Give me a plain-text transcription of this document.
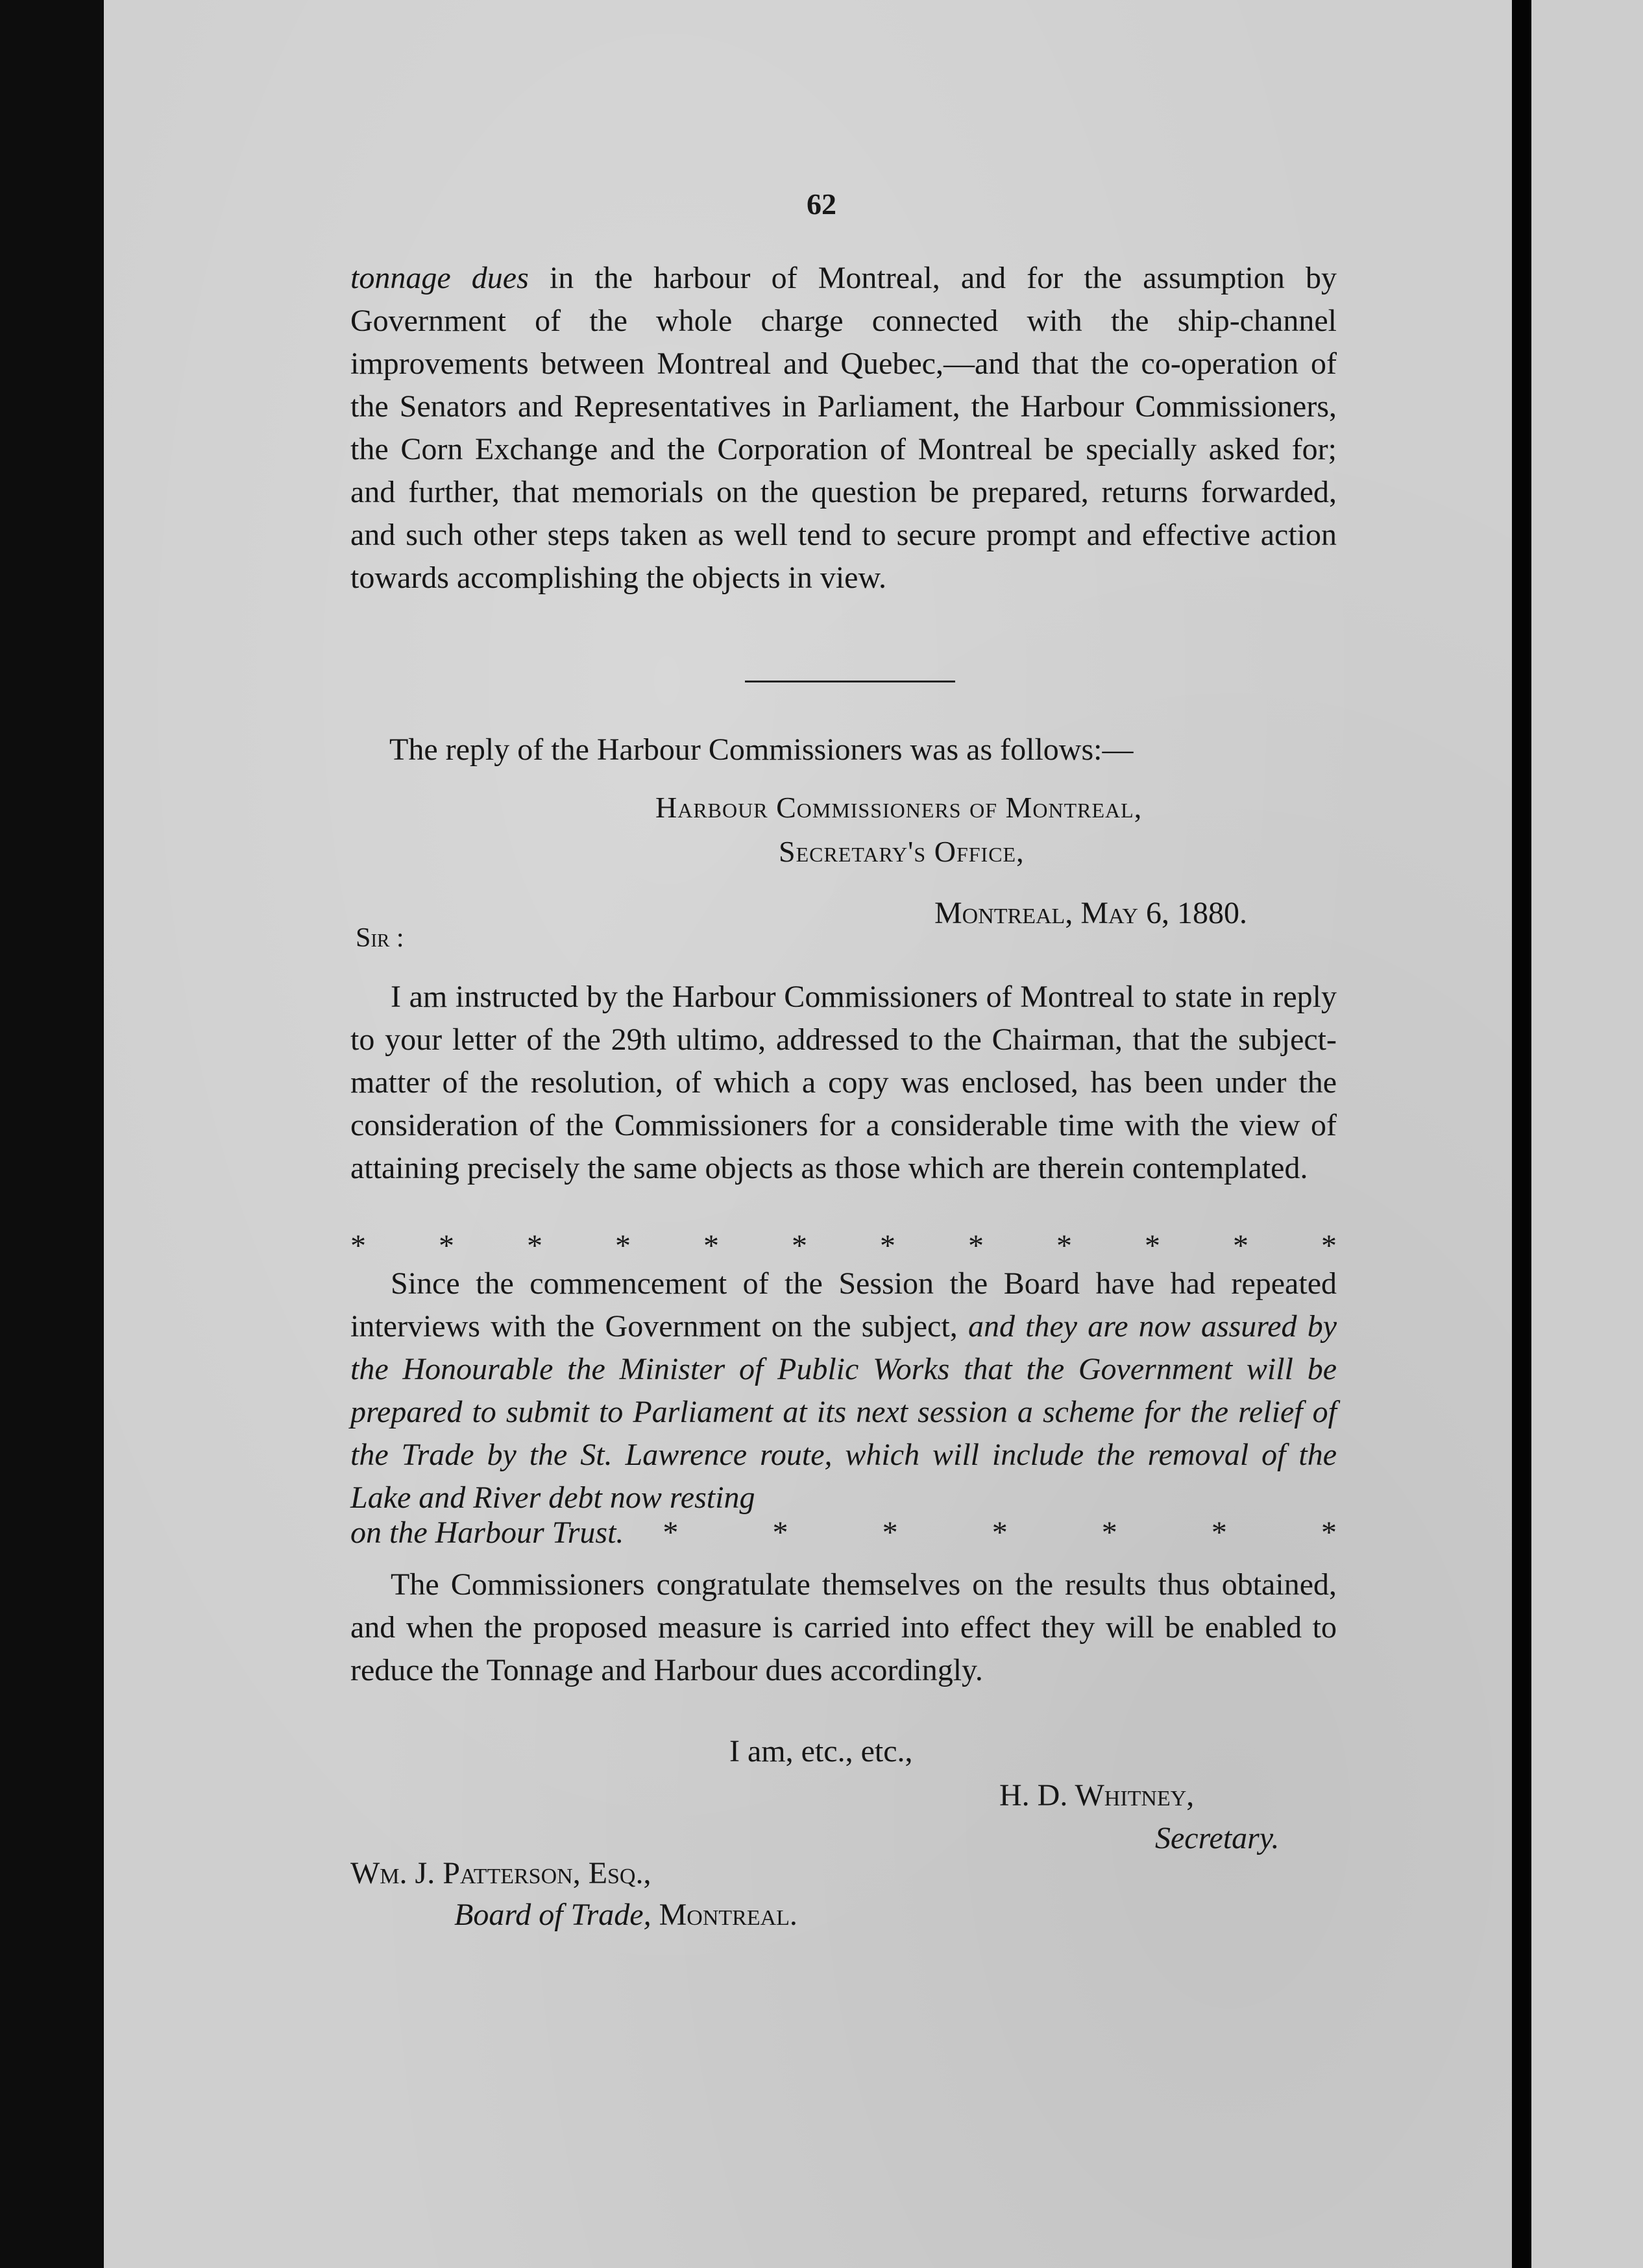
62
tonnage dues in the harbour of Montreal, and for the assumption by Government of the whole charge connected with the ship-channel improvements between Montreal and Quebec,—and that the co-operation of the Senators and Representatives in Parliament, the Harbour Commissioners, the Corn Exchange and the Corporation of Montreal be specially asked for; and further, that memorials on the question be prepared, returns forwarded, and such other steps taken as well tend to secure prompt and effective action towards accomplishing the objects in view.
The reply of the Harbour Commissioners was as follows:—
Harbour Commissioners of Montreal,
Secretary's Office,
Montreal, May 6, 1880.
Sir :
I am instructed by the Harbour Commissioners of Montreal to state in reply to your letter of the 29th ultimo, addressed to the Chairman, that the subject-matter of the resolution, of which a copy was enclosed, has been under the consideration of the Commissioners for a considerable time with the view of attaining precisely the same objects as those which are therein contemplated.
* * * * * * * * * * * *
Since the commencement of the Session the Board have had repeated interviews with the Government on the subject, and they are now assured by the Honourable the Minister of Public Works that the Government will be prepared to submit to Parliament at its next session a scheme for the relief of the Trade by the St. Lawrence route, which will include the removal of the Lake and River debt now resting
on the Harbour Trust. *	*	*	*	*	*	*
The Commissioners congratulate themselves on the results thus obtained, and when the proposed measure is carried into effect they will be enabled to reduce the Tonnage and Harbour dues accordingly.
I am, etc., etc.,
H. D. Whitney,
Secretary.
Wm. J. Patterson, Esq.,
Board of Trade, Montreal.
